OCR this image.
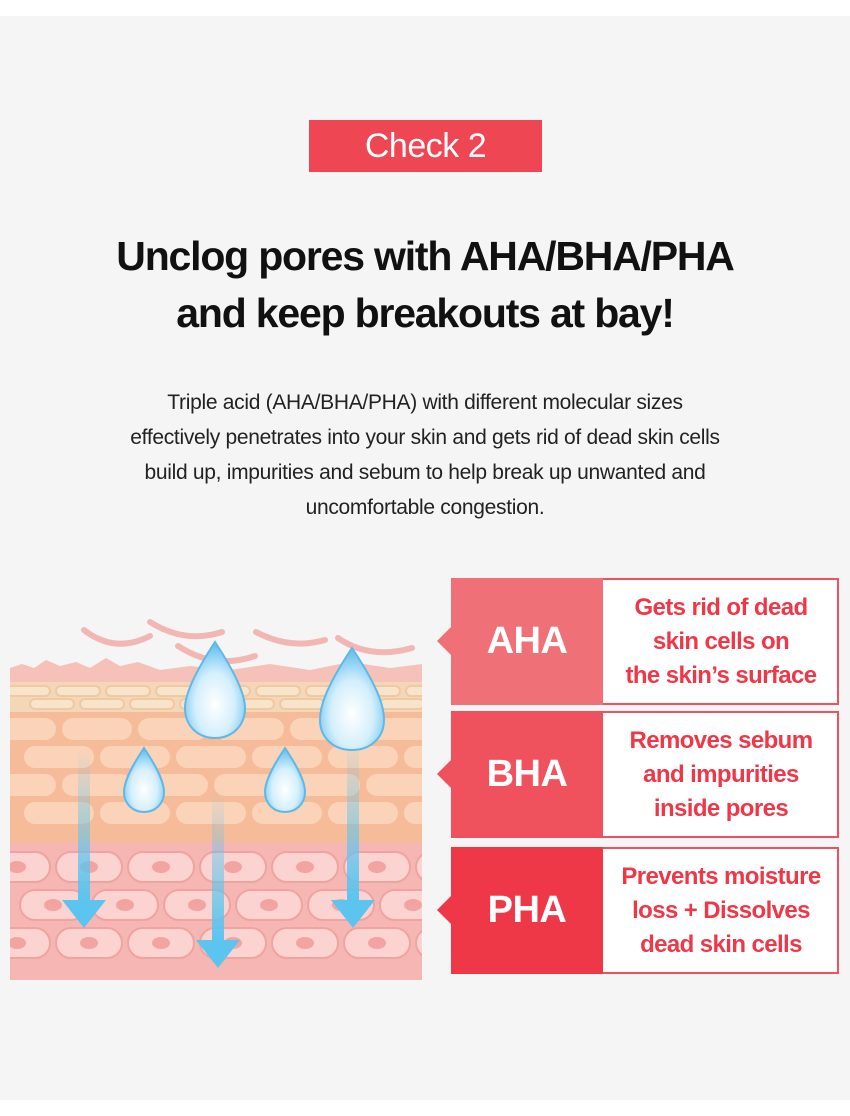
Check 2
Unclog pores with AHA/BHA/PHA
and keep breakouts at bay!
Triple acid (AHA/BHA/PHA) with different molecular sizes
effectively penetrates into your skin and gets rid of dead skin cells
build up, impurities and sebum to help break up unwanted and
uncomfortable congestion.
AHA
Gets rid of dead
skin cells on
the skin’s surface
BHA
Removes sebum
and impurities
inside pores
PHA
Prevents moisture
loss + Dissolves
dead skin cells
